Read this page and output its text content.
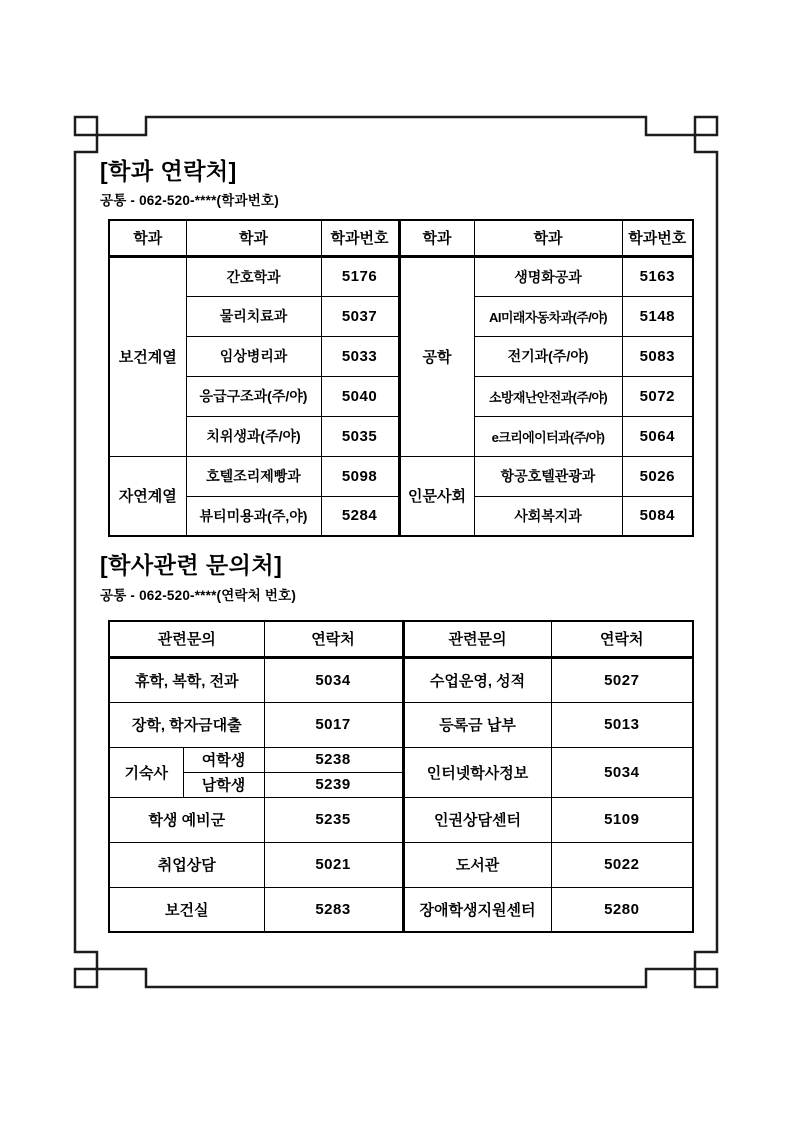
[학과 연락처]
공통 - 062-520-****(학과번호)
학과	학과	학과번호	학과	학과	학과번호
보건계열	간호학과	5176	공학	생명화공과	5163
	물리치료과	5037		AI미래자동차과(주/야)	5148
	임상병리과	5033		전기과(주/야)	5083
	응급구조과(주/야)	5040		소방재난안전과(주/야)	5072
	치위생과(주/야)	5035		e크리에이터과(주/야)	5064
자연계열	호텔조리제빵과	5098	인문사회	항공호텔관광과	5026
	뷰티미용과(주,야)	5284		사회복지과	5084
[학사관련 문의처]
공통 - 062-520-****(연락처 번호)
관련문의		연락처	관련문의	연락처
휴학, 복학, 전과		5034	수업운영, 성적	5027
장학, 학자금대출		5017	등록금 납부	5013
기숙사	여학생	5238	인터넷학사정보	5034
	남학생	5239		
학생 예비군		5235	인권상담센터	5109
취업상담		5021	도서관	5022
보건실		5283	장애학생지원센터	5280
